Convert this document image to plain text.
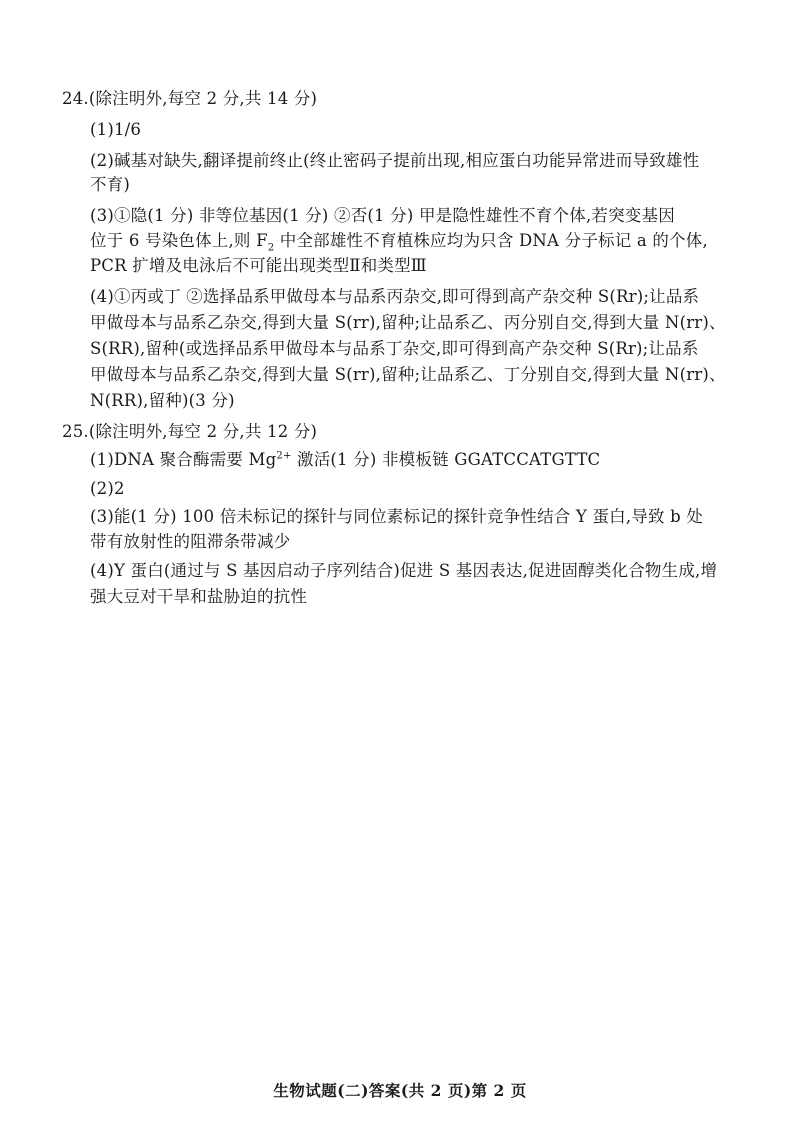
24.(除注明外,每空 2 分,共 14 分)
(1)1/6
(2)碱基对缺失,翻译提前终止(终止密码子提前出现,相应蛋白功能异常进而导致雄性
不育)
(3)①隐(1 分) 非等位基因(1 分) ②否(1 分) 甲是隐性雄性不育个体,若突变基因
位于 6 号染色体上,则 $F_2$ 中全部雄性不育植株应均为只含 DNA 分子标记 a 的个体,
PCR 扩增及电泳后不可能出现类型Ⅱ和类型Ⅲ
(4)①丙或丁 ②选择品系甲做母本与品系丙杂交,即可得到高产杂交种 S(Rr);让品系
甲做母本与品系乙杂交,得到大量 S(rr),留种;让品系乙、丙分别自交,得到大量 N(rr)、
S(RR),留种(或选择品系甲做母本与品系丁杂交,即可得到高产杂交种 S(Rr);让品系
甲做母本与品系乙杂交,得到大量 S(rr),留种;让品系乙、丁分别自交,得到大量 N(rr)、
N(RR),留种)(3 分)
25.(除注明外,每空 2 分,共 12 分)
(1)DNA 聚合酶需要 $Mg^{2+}$ 激活(1 分) 非模板链 GGATCCATGTTC
(2)2
(3)能(1 分) 100 倍未标记的探针与同位素标记的探针竞争性结合 Y 蛋白,导致 b 处
带有放射性的阻滞条带减少
(4)Y 蛋白(通过与 S 基因启动子序列结合)促进 S 基因表达,促进固醇类化合物生成,增
强大豆对干旱和盐胁迫的抗性
生物试题(二)答案(共 2 页)第 2 页
